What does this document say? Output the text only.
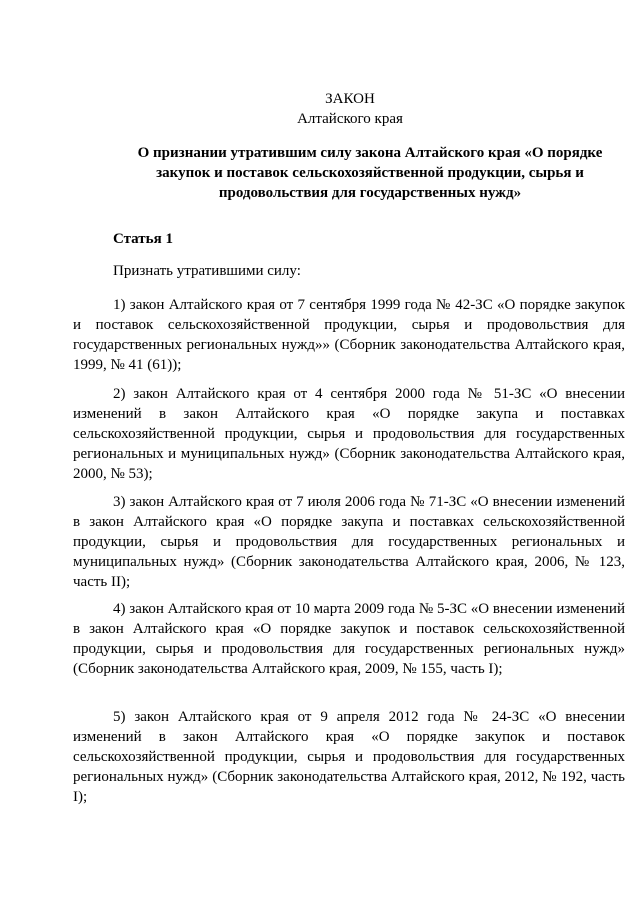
ЗАКОН
Алтайского края
О признании утратившим силу закона Алтайского края «О порядке закупок и поставок сельскохозяйственной продукции, сырья и продовольствия для государственных нужд»
Статья 1
Признать утратившими силу:
1) закон Алтайского края от 7 сентября 1999 года № 42-ЗС «О порядке закупок и поставок сельскохозяйственной продукции, сырья и продовольствия для государственных региональных нужд»» (Сборник законодательства Алтайского края, 1999, № 41 (61));
2) закон Алтайского края от 4 сентября 2000 года № 51-ЗС «О внесении изменений в закон Алтайского края «О порядке закупа и поставках сельскохозяйственной продукции, сырья и продовольствия для государственных региональных и муниципальных нужд» (Сборник законодательства Алтайского края, 2000, № 53);
3) закон Алтайского края от 7 июля 2006 года № 71-ЗС «О внесении изменений в закон Алтайского края «О порядке закупа и поставках сельскохозяйственной продукции, сырья и продовольствия для государственных региональных и муниципальных нужд» (Сборник законодательства Алтайского края, 2006, № 123, часть II);
4) закон Алтайского края от 10 марта 2009 года № 5-ЗС «О внесении изменений в закон Алтайского края «О порядке закупок и поставок сельскохозяйственной продукции, сырья и продовольствия для государственных региональных нужд» (Сборник законодательства Алтайского края, 2009, № 155, часть I);
5) закон Алтайского края от 9 апреля 2012 года № 24-ЗС «О внесении изменений в закон Алтайского края «О порядке закупок и поставок сельскохозяйственной продукции, сырья и продовольствия для государственных региональных нужд» (Сборник законодательства Алтайского края, 2012, № 192, часть I);
